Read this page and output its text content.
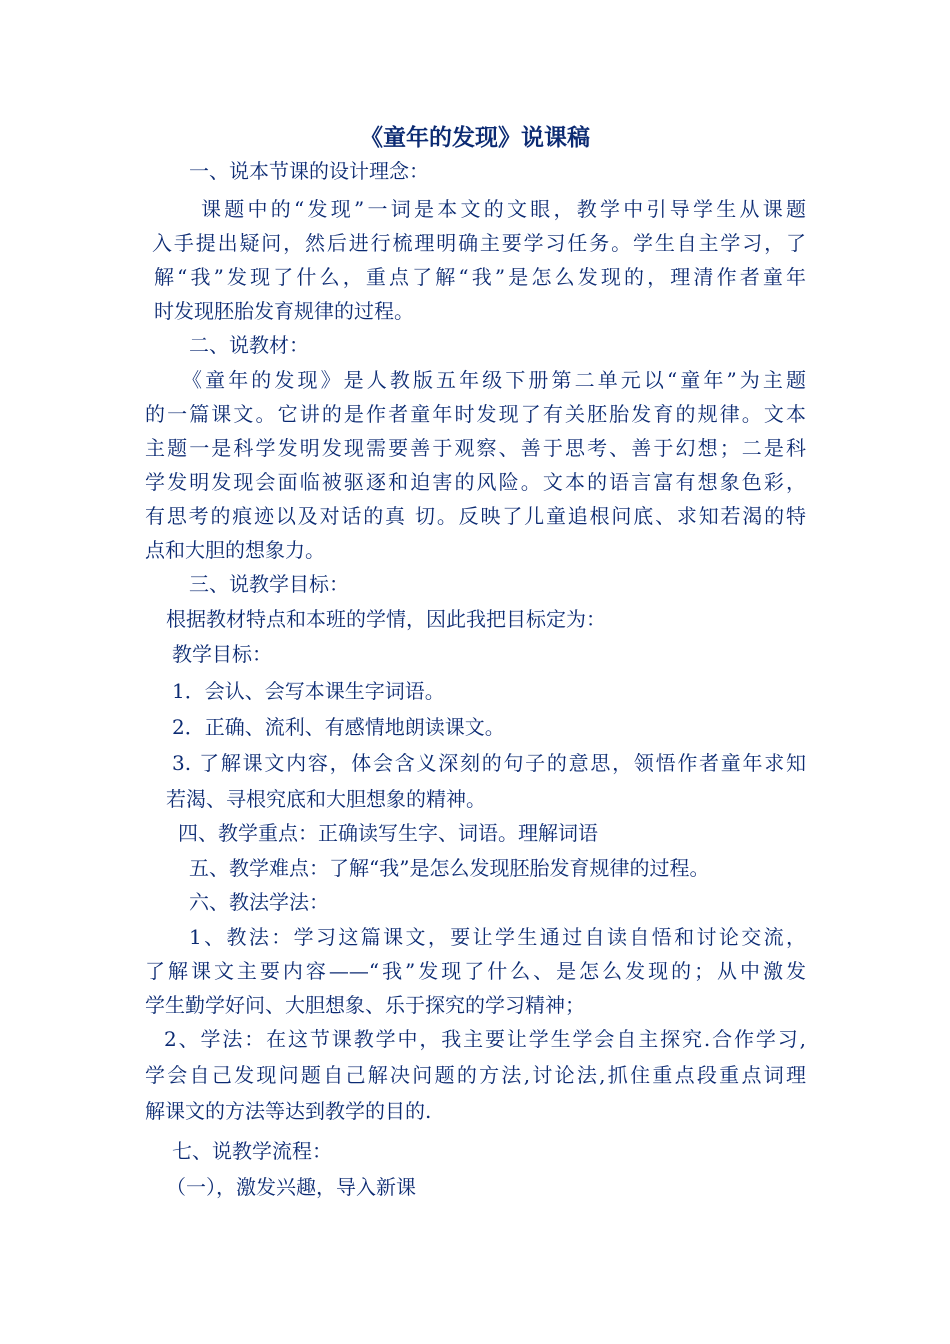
《童年的发现》说课稿
一、说本节课的设计理念：
课题中的“发现”一词是本文的文眼，教学中引导学生从课题
入手提出疑问，然后进行梳理明确主要学习任务。学生自主学习，了
解“我”发现了什么，重点了解“我”是怎么发现的，理清作者童年
时发现胚胎发育规律的过程。
二、说教材：
《童年的发现》是人教版五年级下册第二单元以“童年”为主题
的一篇课文。它讲的是作者童年时发现了有关胚胎发育的规律。文本
主题一是科学发明发现需要善于观察、善于思考、善于幻想；二是科
学发明发现会面临被驱逐和迫害的风险。文本的语言富有想象色彩，
有思考的痕迹以及对话的真 切。反映了儿童追根问底、求知若渴的特
点和大胆的想象力。
三、说教学目标：
根据教材特点和本班的学情，因此我把目标定为：
教学目标：
1．会认、会写本课生字词语。
2．正确、流利、有感情地朗读课文。
3. 了解课文内容，体会含义深刻的句子的意思，领悟作者童年求知
若渴、寻根究底和大胆想象的精神。
四、教学重点：正确读写生字、词语。理解词语
五、教学难点：了解“我”是怎么发现胚胎发育规律的过程。
六、教法学法：
1、教法：学习这篇课文，要让学生通过自读自悟和讨论交流，
了解课文主要内容——“我”发现了什么、是怎么发现的；从中激发
学生勤学好问、大胆想象、乐于探究的学习精神；
2、学法：在这节课教学中，我主要让学生学会自主探究.合作学习,
学会自己发现问题自己解决问题的方法,讨论法,抓住重点段重点词理
解课文的方法等达到教学的目的.
七、说教学流程：
（一），激发兴趣，导入新课
